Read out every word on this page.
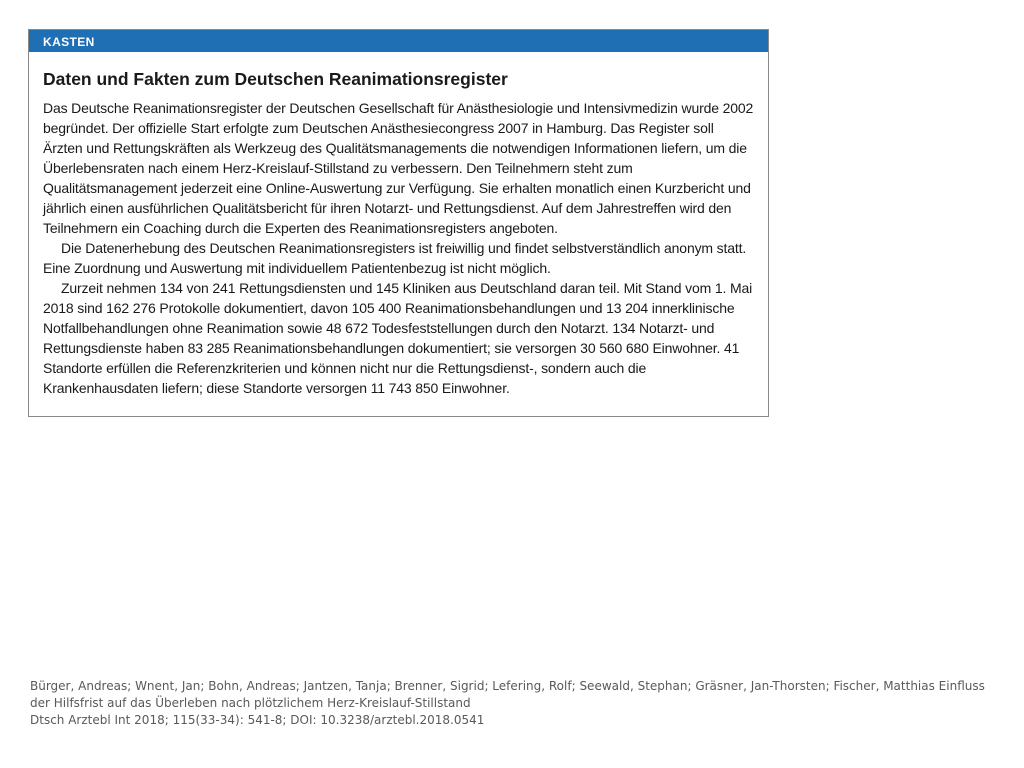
KASTEN
Daten und Fakten zum Deutschen Reanimationsregister

Das Deutsche Reanimationsregister der Deutschen Gesellschaft für Anästhesiologie und Intensivmedizin wurde 2002 begründet. Der offizielle Start erfolgte zum Deutschen Anästhesiecongress 2007 in Hamburg. Das Register soll Ärzten und Rettungskräften als Werkzeug des Qualitätsmanagements die notwendigen Informationen liefern, um die Überlebensraten nach einem Herz-Kreislauf-Stillstand zu verbessern. Den Teilnehmern steht zum Qualitätsmanagement jederzeit eine Online-Auswertung zur Verfügung. Sie erhalten monatlich einen Kurzbericht und jährlich einen ausführlichen Qualitätsbericht für ihren Notarzt- und Rettungsdienst. Auf dem Jahrestreffen wird den Teilnehmern ein Coaching durch die Experten des Reanimationsregisters angeboten.

Die Datenerhebung des Deutschen Reanimationsregisters ist freiwillig und findet selbstverständlich anonym statt. Eine Zuordnung und Auswertung mit individuellem Patientenbezug ist nicht möglich.

Zurzeit nehmen 134 von 241 Rettungsdiensten und 145 Kliniken aus Deutschland daran teil. Mit Stand vom 1. Mai 2018 sind 162 276 Protokolle dokumentiert, davon 105 400 Reanimationsbehandlungen und 13 204 innerklinische Notfallbehandlungen ohne Reanimation sowie 48 672 Todesfeststellungen durch den Notarzt. 134 Notarzt- und Rettungsdienste haben 83 285 Reanimationsbehandlungen dokumentiert; sie versorgen 30 560 680 Einwohner. 41 Standorte erfüllen die Referenzkriterien und können nicht nur die Rettungsdienst-, sondern auch die Krankenhausdaten liefern; diese Standorte versorgen 11 743 850 Einwohner.

Bürger, Andreas; Wnent, Jan; Bohn, Andreas; Jantzen, Tanja; Brenner, Sigrid; Lefering, Rolf; Seewald, Stephan; Gräsner, Jan-Thorsten; Fischer, Matthias Einfluss der Hilfsfrist auf das Überleben nach plötzlichem Herz-Kreislauf-Stillstand
Dtsch Arztebl Int 2018; 115(33-34): 541-8; DOI: 10.3238/arztebl.2018.0541
